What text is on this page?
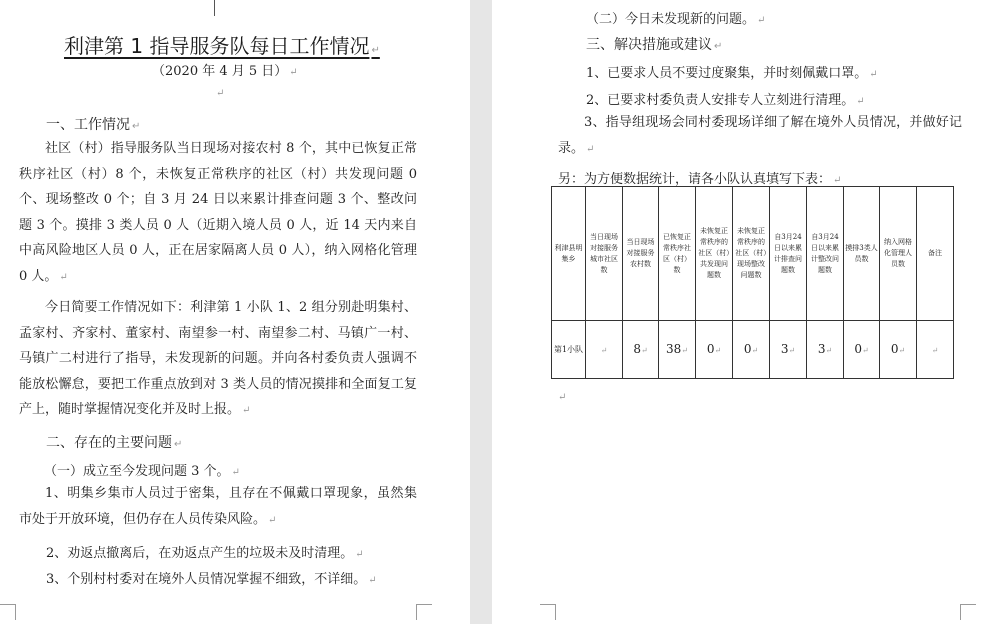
利津第 1 指导服务队每日工作情况 ↵
（2020 年 4 月 5 日） ↵
↵
一、工作情况 ↵
社区（村）指导服务队当日现场对接农村 8 个，其中已恢复正常秩序社区（村）8 个，未恢复正常秩序的社区（村）共发现问题 0 个、现场整改 0 个；自 3 月 24 日以来累计排查问题 3 个、整改问题 3 个。摸排 3 类人员 0 人（近期入境人员 0 人，近 14 天内来自中高风险地区人员 0 人，正在居家隔离人员 0 人），纳入网格化管理 0 人。 ↵
今日简要工作情况如下：利津第 1 小队 1、2 组分别赴明集村、孟家村、齐家村、董家村、南望参一村、南望参二村、马镇广一村、马镇广二村进行了指导，未发现新的问题。并向各村委负责人强调不能放松懈怠，要把工作重点放到对 3 类人员的情况摸排和全面复工复产上，随时掌握情况变化并及时上报。 ↵
二、存在的主要问题 ↵
（一）成立至今发现问题 3 个。 ↵
1、明集乡集市人员过于密集，且存在不佩戴口罩现象，虽然集市处于开放环境，但仍存在人员传染风险。 ↵
2、劝返点撤离后，在劝返点产生的垃圾未及时清理。 ↵
3、个别村村委对在境外人员情况掌握不细致，不详细。 ↵
（二）今日未发现新的问题。 ↵
三、解决措施或建议 ↵
1、已要求人员不要过度聚集，并时刻佩戴口罩。 ↵
2、已要求村委负责人安排专人立刻进行清理。 ↵
3、指导组现场会同村委现场详细了解在境外人员情况，并做好记录。 ↵
另：为方便数据统计，请各小队认真填写下表： ↵
利津县明集乡	当日现场对接服务城市社区数	当日现场对接服务农村数	已恢复正常秩序社区（村）数	未恢复正常秩序的社区（村）共发现问题数	未恢复正常秩序的社区（村）现场整改问题数	自3月24日以来累计排查问题数	自3月24日以来累计整改问题数	摸排3类人员数	纳入网格化管理人员数	备注
第1小队	↵	8↵	38↵	0↵	0↵	3↵	3↵	0↵	0↵	↵
↵
